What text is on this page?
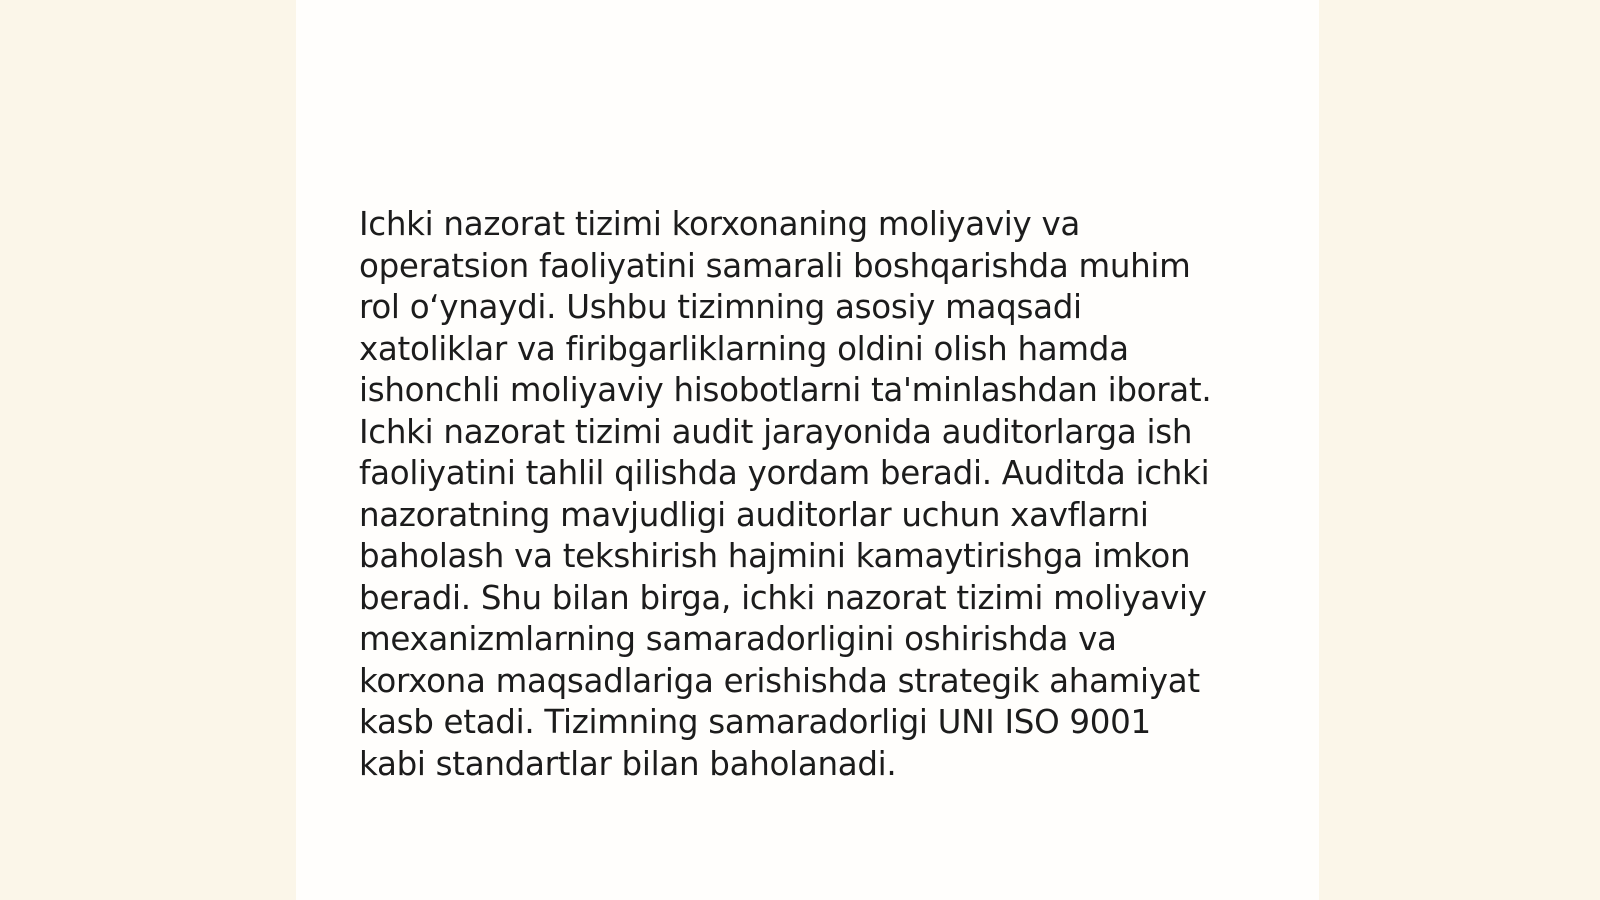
Ichki nazorat tizimi korxonaning moliyaviy va
operatsion faoliyatini samarali boshqarishda muhim
rol o‘ynaydi. Ushbu tizimning asosiy maqsadi
xatoliklar va firibgarliklarning oldini olish hamda
ishonchli moliyaviy hisobotlarni ta'minlashdan iborat.
Ichki nazorat tizimi audit jarayonida auditorlarga ish
faoliyatini tahlil qilishda yordam beradi. Auditda ichki
nazoratning mavjudligi auditorlar uchun xavflarni
baholash va tekshirish hajmini kamaytirishga imkon
beradi. Shu bilan birga, ichki nazorat tizimi moliyaviy
mexanizmlarning samaradorligini oshirishda va
korxona maqsadlariga erishishda strategik ahamiyat
kasb etadi. Tizimning samaradorligi UNI ISO 9001
kabi standartlar bilan baholanadi.
